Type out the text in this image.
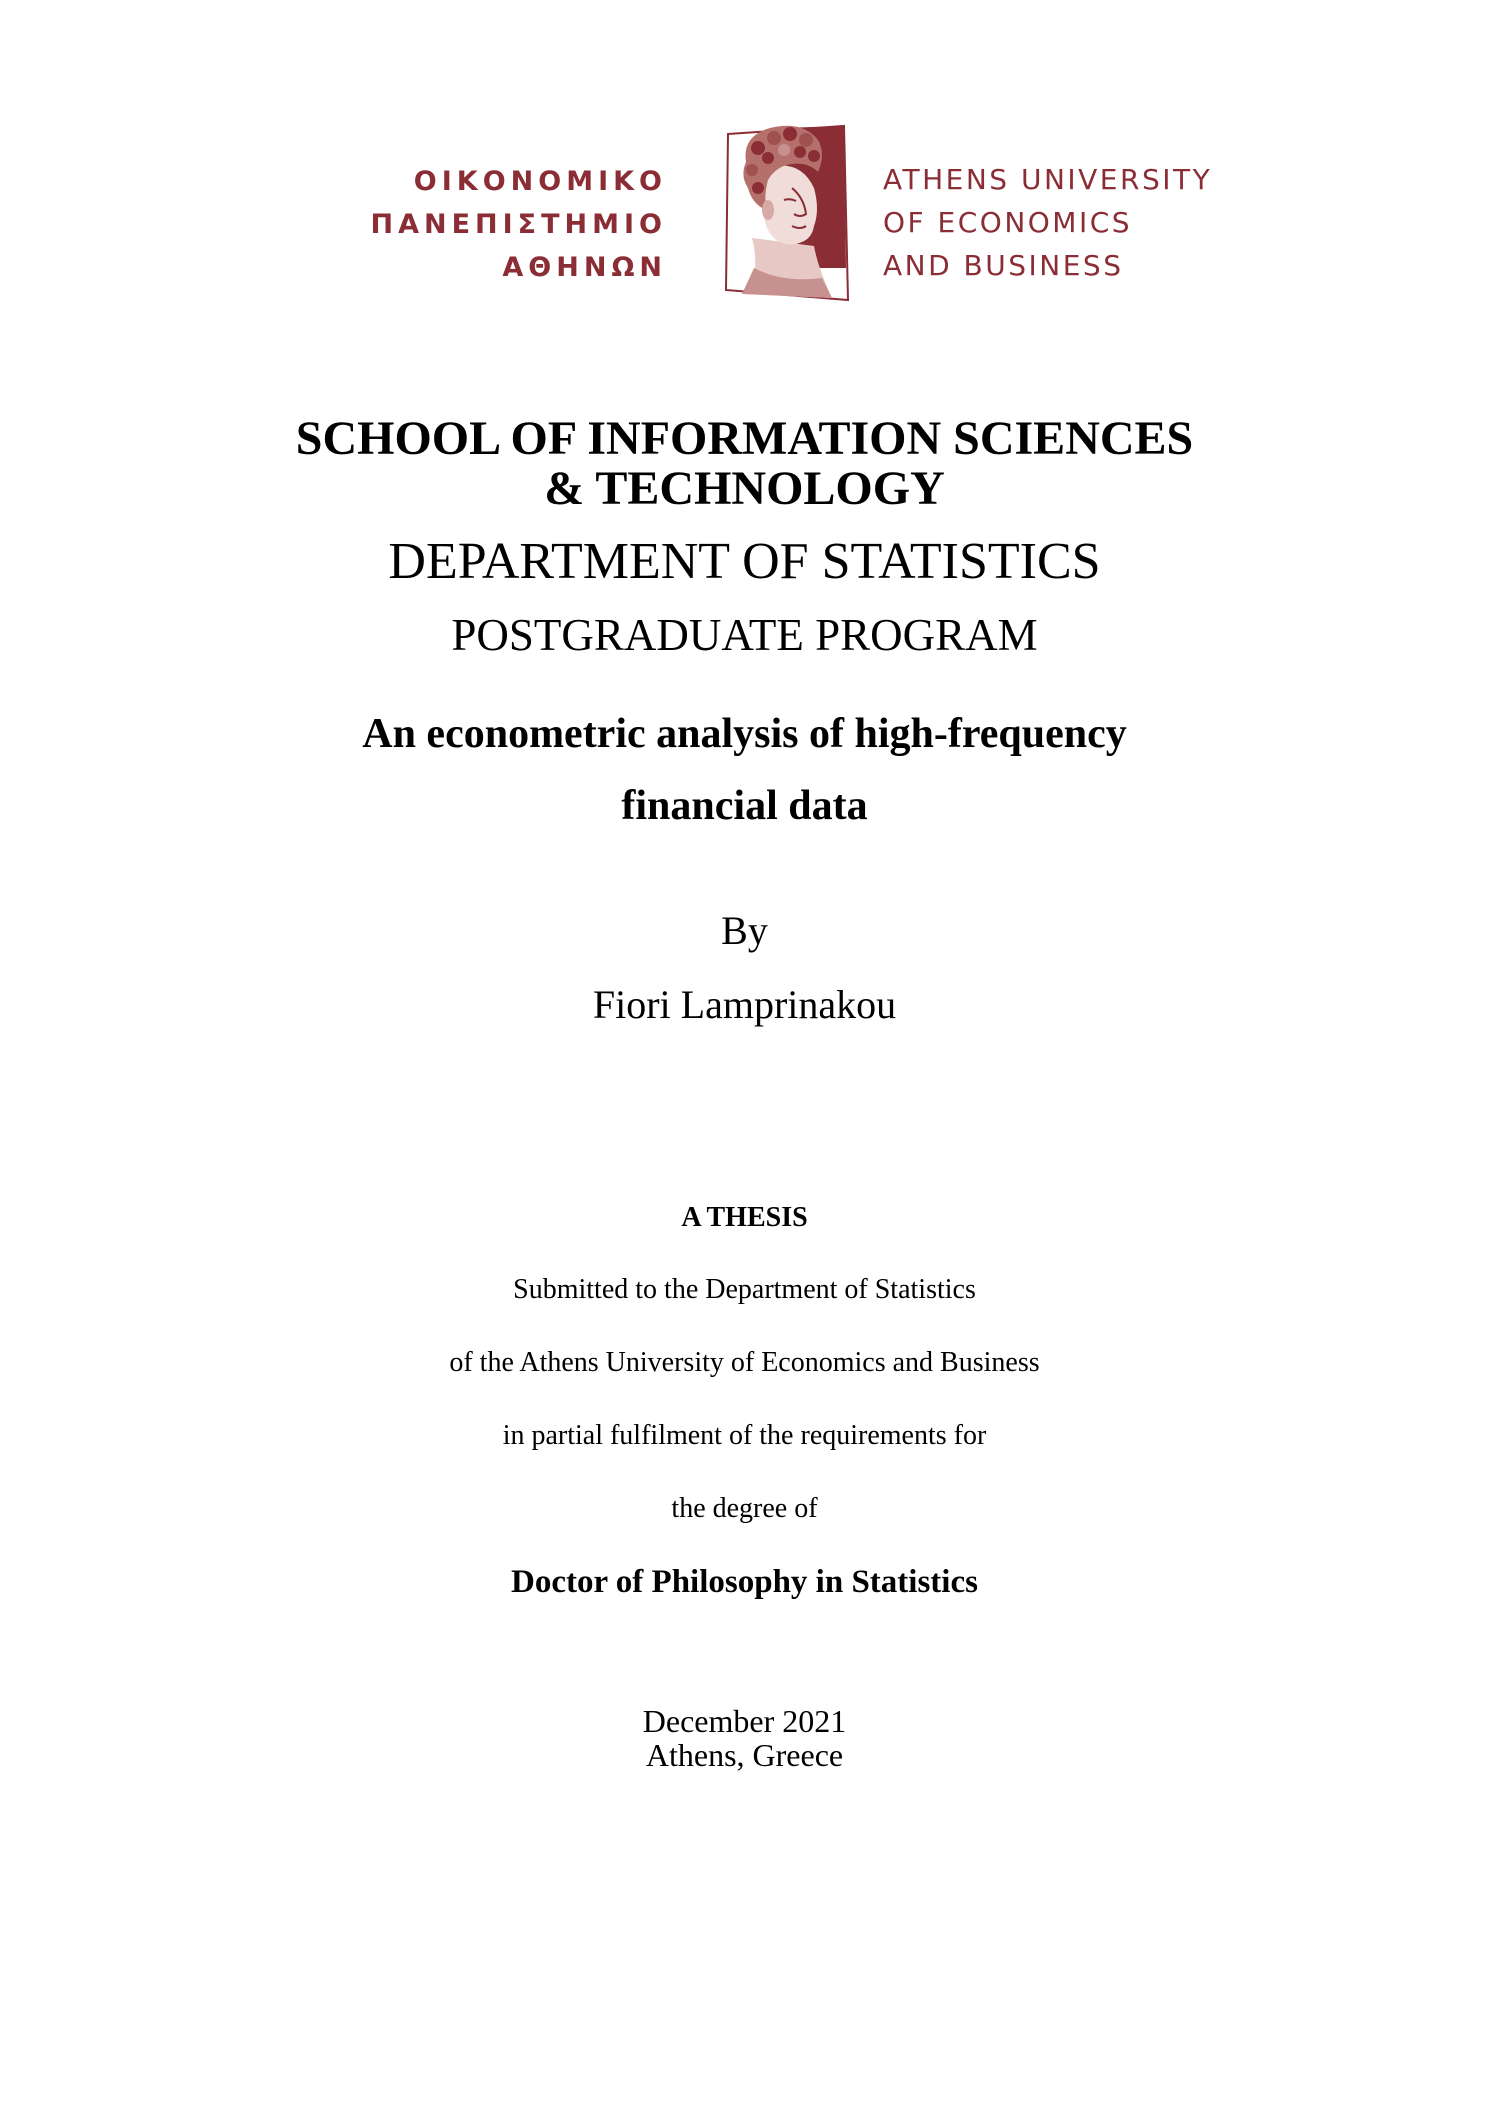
ΟΙΚΟΝΟΜΙΚΟ
ΠΑΝΕΠΙΣΤΗΜΙΟ
ΑΘΗΝΩΝ
ATHENS UNIVERSITY
OF ECONOMICS
AND BUSINESS
SCHOOL OF INFORMATION SCIENCES
& TECHNOLOGY
DEPARTMENT OF STATISTICS
POSTGRADUATE PROGRAM
An econometric analysis of high-frequency
financial data
By
Fiori Lamprinakou
A THESIS
Submitted to the Department of Statistics
of the Athens University of Economics and Business
in partial fulfilment of the requirements for
the degree of
Doctor of Philosophy in Statistics
December 2021
Athens, Greece
